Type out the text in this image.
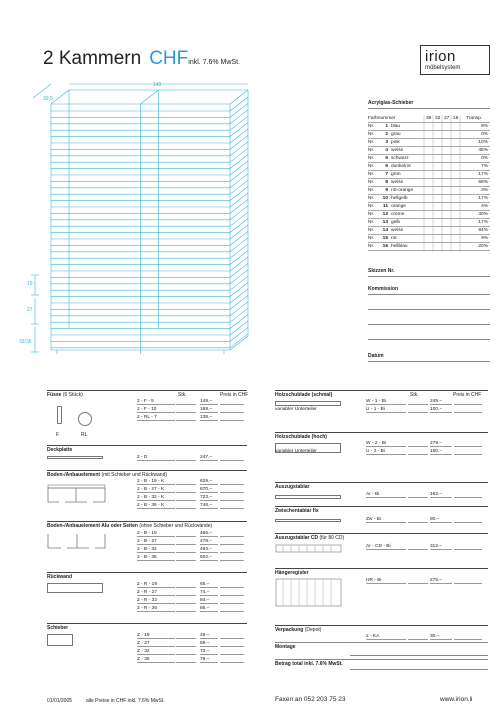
2 Kammern CHFinkl. 7.6% MwSt.	irion
möbelsystem
149
39,5
19
27
32/36
Acrylglas-Schieber
Farbnummer	36 32 27 19 Transp.
Nr.	1 blau	8%
Nr.	2 grau	0%
Nr.	3 pink	10%
Nr.	4 weiss	45%
Nr.	5 schwarz	0%
Nr.	6 dunkelrot	7%
Nr.	7 grün	17%
Nr.	8 weiss	68%
Nr.	9 rot-orange	3%
Nr.	10 hellgelb	17%
Nr.	11 orange	4%
Nr.	12 creme	30%
Nr.	13 gelb	17%
Nr.	14 weiss	84%
Nr.	15 rot	9%
Nr.	16 hellblau	20%
Skizzen Nr.
Kommission
Datum
Füsse (6 Stück)	Stk.	Preis in CHF
F	RL
2 - F - 5	148.–
2 - F - 10	168.–
2 - RL - 7	138.–
Deckplatte
2 - D	247.–
Boden-/Anbauelement (mit Schieber und Rückwand)
2 - B - 19 - K	629.–
2 - B - 27 - K	670.–
2 - B - 32 - K	723.–
2 - B - 36 - K	746.–
Boden-/Anbauelement Alu oder Seiten (ohne Schieber und Rückwände)
2 - B - 19	465.–
2 - B - 27	478.–
2 - B - 32	493.–
2 - B - 36	502.–
Rückwand
2 - R - 19	65.–
2 - R - 27	74.–
2 - R - 32	84.–
2 - R - 36	86.–
Schieber
Z - 19	49.–
Z - 27	59.–
Z - 32	73.–
Z - 36	79.–
Holzschublade (schmal)	Stk.	Preis in CHF
W - 1 - Bi	245.–
variabler Unterteiler	U - 1 - Bi	100.–
Holzschublade (hoch)
W - 2 - Bi	279.–
variabler Unterteiler	U - 2 - Bi	150.–
Auszugstablar
Ar - Bi	162.–
Zwischentablar fix
Zw - Bi	80.–
Auszugstablar CD (für 80 CD)
Ar - CD - Bi	312.–
Hängeregister
HR - Bi	275.–
Verpackung (Depot)
2 - KA	30.–
Montage
Betrag total inkl. 7.6% MwSt.
01/01/2005	alle Preise in CHF inkl. 7.6% MwSt.	Faxen an 052 203 75 23	www.irion.li
